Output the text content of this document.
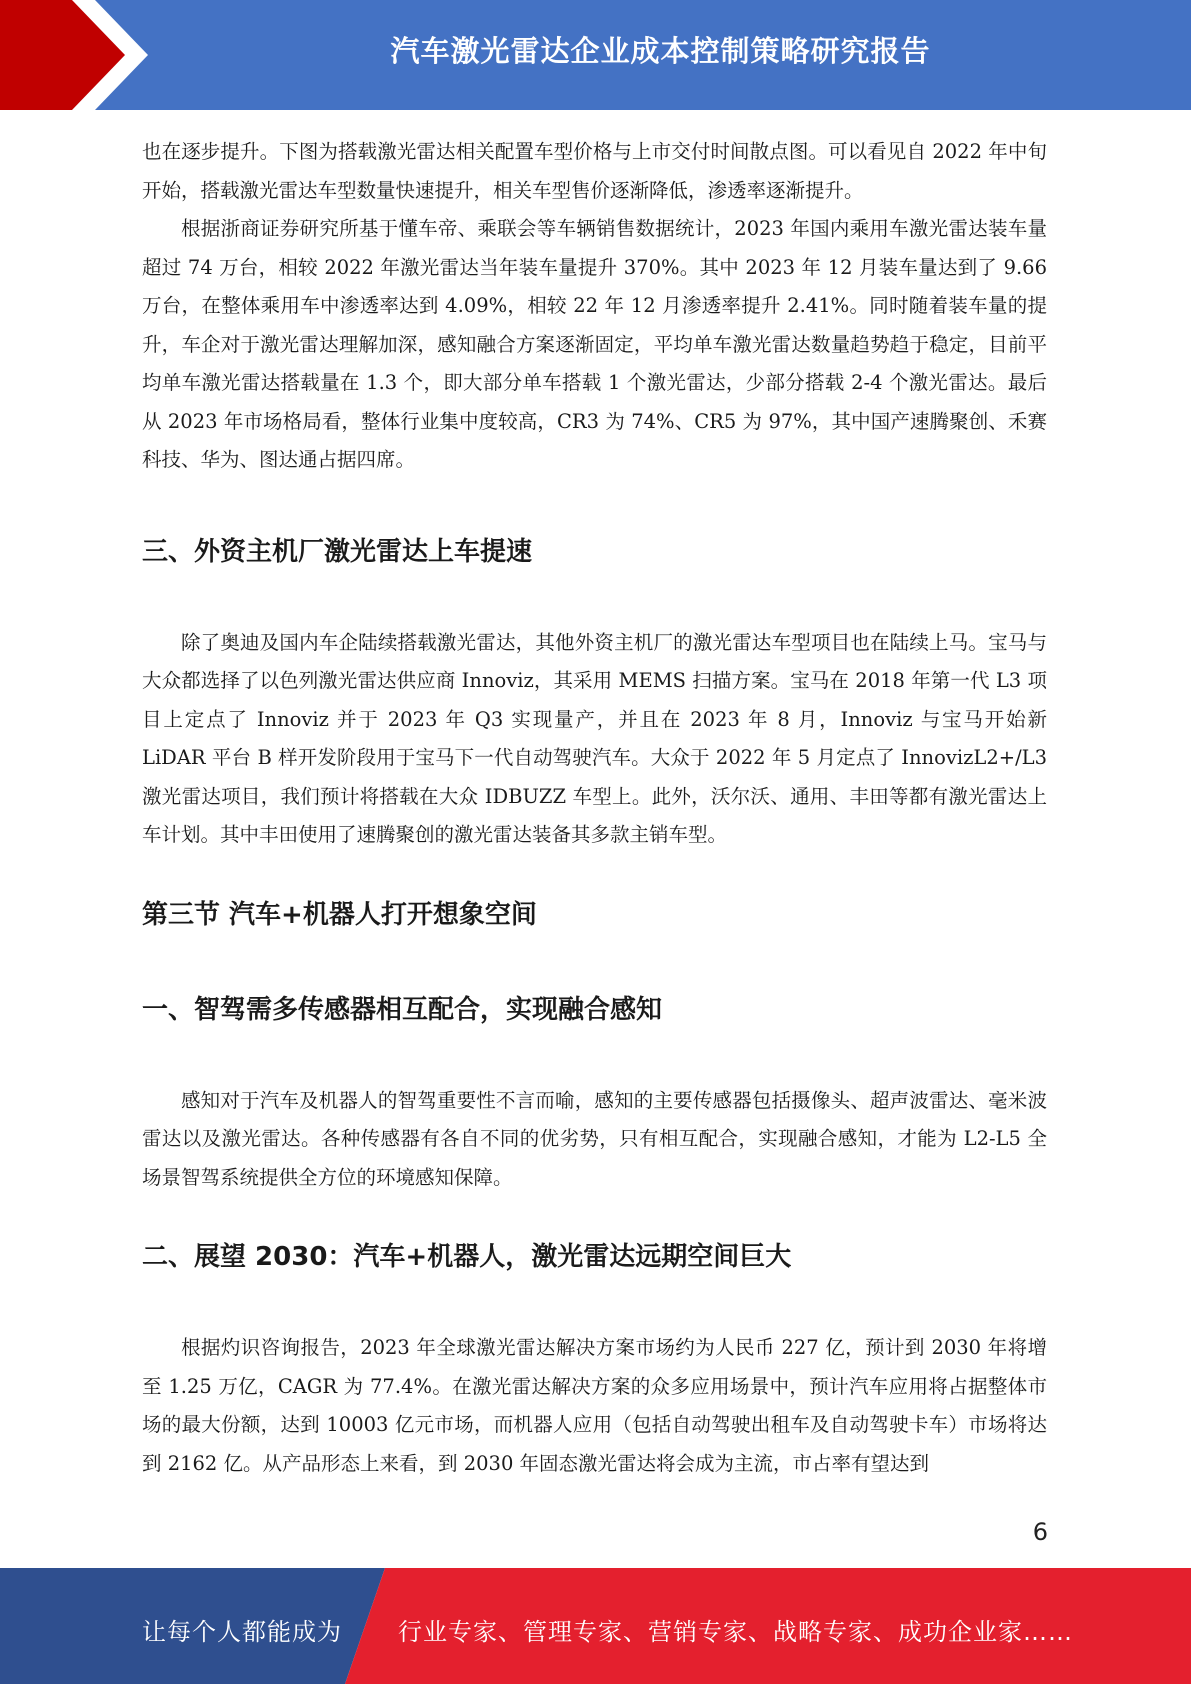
汽车激光雷达企业成本控制策略研究报告

也在逐步提升。下图为搭载激光雷达相关配置车型价格与上市交付时间散点图。可以看见自 2022 年中旬开始，搭载激光雷达车型数量快速提升，相关车型售价逐渐降低，渗透率逐渐提升。

根据浙商证券研究所基于懂车帝、乘联会等车辆销售数据统计，2023 年国内乘用车激光雷达装车量超过 74 万台，相较 2022 年激光雷达当年装车量提升 370%。其中 2023 年 12 月装车量达到了 9.66 万台，在整体乘用车中渗透率达到 4.09%，相较 22 年 12 月渗透率提升 2.41%。同时随着装车量的提升，车企对于激光雷达理解加深，感知融合方案逐渐固定，平均单车激光雷达数量趋势趋于稳定，目前平均单车激光雷达搭载量在 1.3 个，即大部分单车搭载 1 个激光雷达，少部分搭载 2-4 个激光雷达。最后从 2023 年市场格局看，整体行业集中度较高，CR3 为 74%、CR5 为 97%，其中国产速腾聚创、禾赛科技、华为、图达通占据四席。

三、外资主机厂激光雷达上车提速

除了奥迪及国内车企陆续搭载激光雷达，其他外资主机厂的激光雷达车型项目也在陆续上马。宝马与大众都选择了以色列激光雷达供应商 Innoviz，其采用 MEMS 扫描方案。宝马在 2018 年第一代 L3 项目上定点了 Innoviz 并于 2023 年 Q3 实现量产，并且在 2023 年 8 月，Innoviz 与宝马开始新 LiDAR 平台 B 样开发阶段用于宝马下一代自动驾驶汽车。大众于 2022 年 5 月定点了 InnovizL2+/L3 激光雷达项目，我们预计将搭载在大众 IDBUZZ 车型上。此外，沃尔沃、通用、丰田等都有激光雷达上车计划。其中丰田使用了速腾聚创的激光雷达装备其多款主销车型。

第三节 汽车+机器人打开想象空间
一、智驾需多传感器相互配合，实现融合感知

感知对于汽车及机器人的智驾重要性不言而喻，感知的主要传感器包括摄像头、超声波雷达、毫米波雷达以及激光雷达。各种传感器有各自不同的优劣势，只有相互配合，实现融合感知，才能为 L2-L5 全场景智驾系统提供全方位的环境感知保障。

二、展望 2030：汽车+机器人，激光雷达远期空间巨大

根据灼识咨询报告，2023 年全球激光雷达解决方案市场约为人民币 227 亿，预计到 2030 年将增至 1.25 万亿，CAGR 为 77.4%。在激光雷达解决方案的众多应用场景中，预计汽车应用将占据整体市场的最大份额，达到 10003 亿元市场，而机器人应用（包括自动驾驶出租车及自动驾驶卡车）市场将达到 2162 亿。从产品形态上来看，到 2030 年固态激光雷达将会成为主流，市占率有望达到

6
让每个人都能成为 行业专家、管理专家、营销专家、战略专家、成功企业家……
